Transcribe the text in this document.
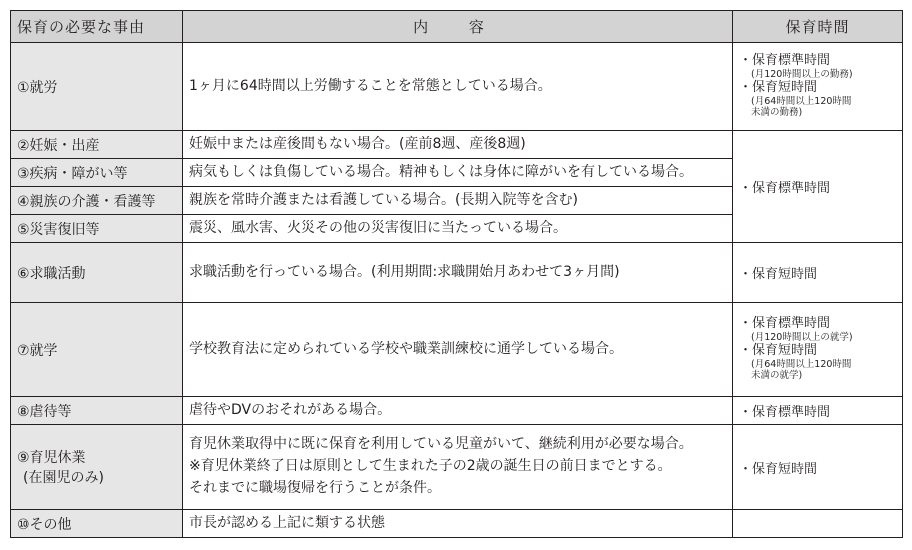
保育の必要な事由	内 容	保育時間
①就労	1ヶ月に64時間以上労働することを常態としている場合。	・保育標準時間
(月120時間以上の勤務)
・保育短時間
(月64時間以上120時間
未満の勤務)

②妊娠・出産	妊娠中または産後間もない場合。(産前8週、産後8週)	・保育標準時間
③疾病・障がい等	病気もしくは負傷している場合。精神もしくは身体に障がいを有している場合。	
④親族の介護・看護等	親族を常時介護または看護している場合。(長期入院等を含む)	
⑤災害復旧等	震災、風水害、火災その他の災害復旧に当たっている場合。	
⑥求職活動	求職活動を行っている場合。(利用期間:求職開始月あわせて3ヶ月間)	・保育短時間
⑦就学	学校教育法に定められている学校や職業訓練校に通学している場合。	・保育標準時間
(月120時間以上の就学)
・保育短時間
(月64時間以上120時間
未満の就学)

⑧虐待等	虐待やDVのおそれがある場合。	・保育標準時間
⑨育児休業
(在園児のみ)	育児休業取得中に既に保育を利用している児童がいて、継続利用が必要な場合。
※育児休業終了日は原則として生まれた子の2歳の誕生日の前日までとする。
それまでに職場復帰を行うことが条件。	・保育短時間
⑩その他	市長が認める上記に類する状態	
